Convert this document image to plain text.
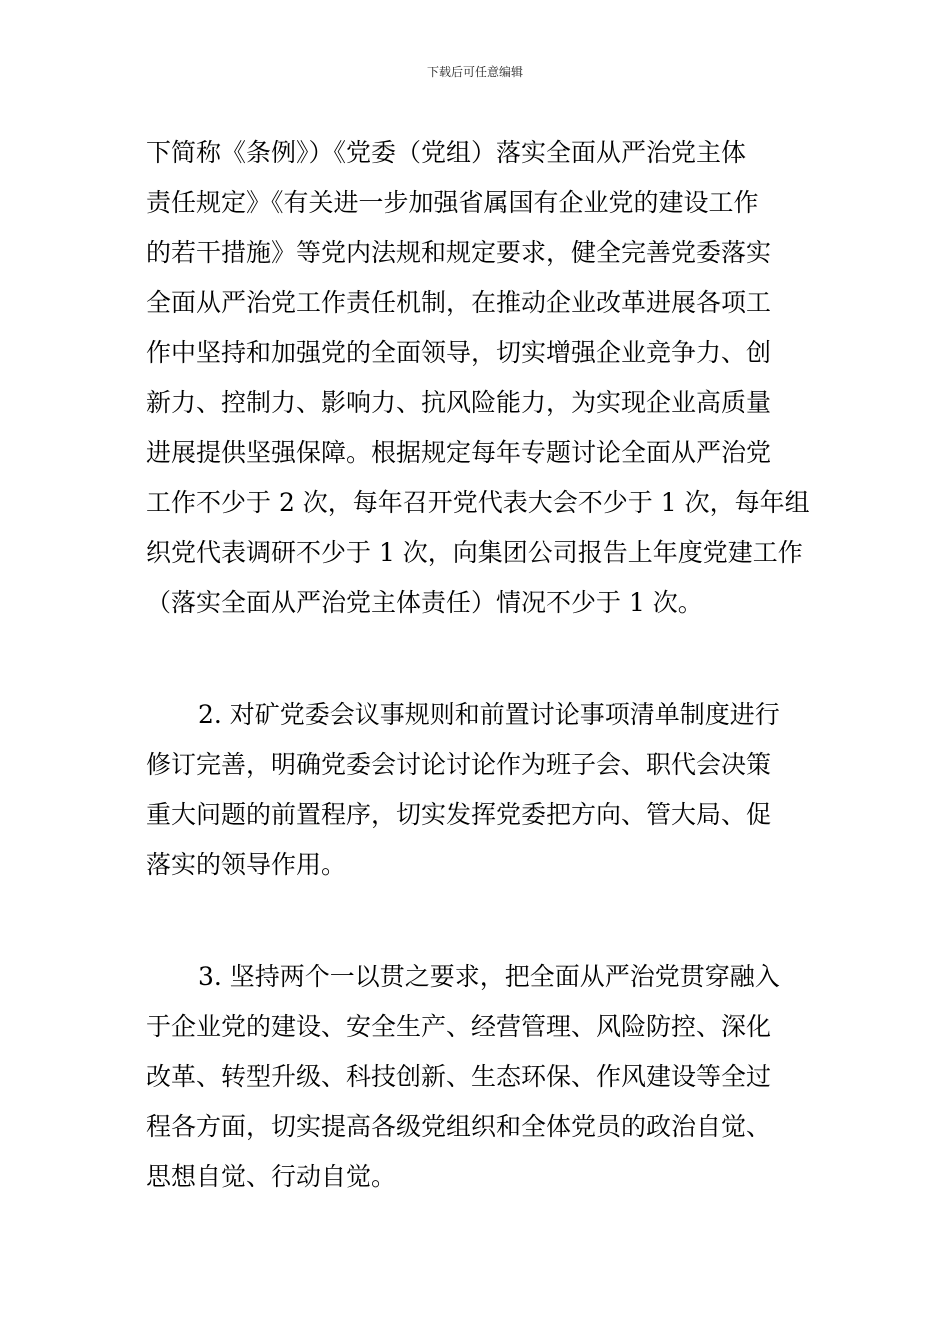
下载后可任意编辑
下简称《条例》）《党委（党组）落实全面从严治党主体
责任规定》《有关进一步加强省属国有企业党的建设工作
的若干措施》等党内法规和规定要求，健全完善党委落实
全面从严治党工作责任机制，在推动企业改革进展各项工
作中坚持和加强党的全面领导，切实增强企业竞争力、创
新力、控制力、影响力、抗风险能力，为实现企业高质量
进展提供坚强保障。根据规定每年专题讨论全面从严治党
工作不少于 2 次，每年召开党代表大会不少于 1 次，每年组
织党代表调研不少于 1 次，向集团公司报告上年度党建工作
（落实全面从严治党主体责任）情况不少于 1 次。
2. 对矿党委会议事规则和前置讨论事项清单制度进行
修订完善，明确党委会讨论讨论作为班子会、职代会决策
重大问题的前置程序，切实发挥党委把方向、管大局、促
落实的领导作用。
3. 坚持两个一以贯之要求，把全面从严治党贯穿融入
于企业党的建设、安全生产、经营管理、风险防控、深化
改革、转型升级、科技创新、生态环保、作风建设等全过
程各方面，切实提高各级党组织和全体党员的政治自觉、
思想自觉、行动自觉。
